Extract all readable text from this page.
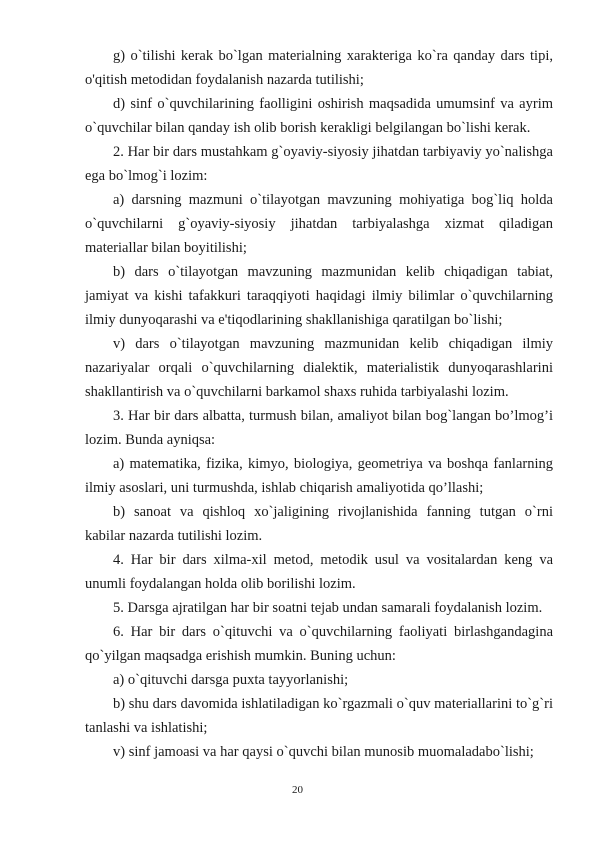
g) o`tilishi kerak bo`lgan materialning xarakteriga ko`ra qanday dars tipi, o'qitish metodidan foydalanish nazarda tutilishi;

d) sinf o`quvchilarining faolligini oshirish maqsadida umumsinf va ayrim o`quvchilar bilan qanday ish olib borish kerakligi belgilangan bo`lishi kerak.

2. Har bir dars mustahkam g`oyaviy-siyosiy jihatdan tarbiyaviy yo`nalishga ega bo`lmog`i lozim:

a) darsning mazmuni o`tilayotgan mavzuning mohiyatiga bog`liq holda o`quvchilarni g`oyaviy-siyosiy jihatdan tarbiyalashga xizmat qiladigan materiallar bilan boyitilishi;

b) dars o`tilayotgan mavzuning mazmunidan kelib chiqadigan tabiat, jamiyat va kishi tafakkuri taraqqiyoti haqidagi ilmiy bilimlar o`quvchilarning ilmiy dunyoqarashi va e'tiqodlarining shakllanishiga qaratilgan bo`lishi;

v) dars o`tilayotgan mavzuning mazmunidan kelib chiqadigan ilmiy nazariyalar orqali o`quvchilarning dialektik, materialistik dunyoqarashlarini shakllantirish va o`quvchilarni barkamol shaxs ruhida tarbiyalashi lozim.

3. Har bir dars albatta, turmush bilan, amaliyot bilan bog`langan bo’lmog’i lozim. Bunda ayniqsa:

a) matematika, fizika, kimyo, biologiya, geometriya va boshqa fanlarning ilmiy asoslari, uni turmushda, ishlab chiqarish amaliyotida qo’llashi;

b) sanoat va qishloq xo`jaligining rivojlanishida fanning tutgan o`rni kabilar nazarda tutilishi lozim.

4. Har bir dars xilma-xil metod, metodik usul va vositalardan keng va unumli foydalangan holda olib borilishi lozim.

5. Darsga ajratilgan har bir soatni tejab undan samarali foydalanish lozim.

6. Har bir dars o`qituvchi va o`quvchilarning faoliyati birlashgandagina qo`yilgan maqsadga erishish mumkin. Buning uchun:

a) o`qituvchi darsga puxta tayyorlanishi;

b) shu dars davomida ishlatiladigan ko`rgazmali o`quv materiallarini to`g`ri tanlashi va ishlatishi;

v) sinf jamoasi va har qaysi o`quvchi bilan munosib muomaladabo`lishi;

20
